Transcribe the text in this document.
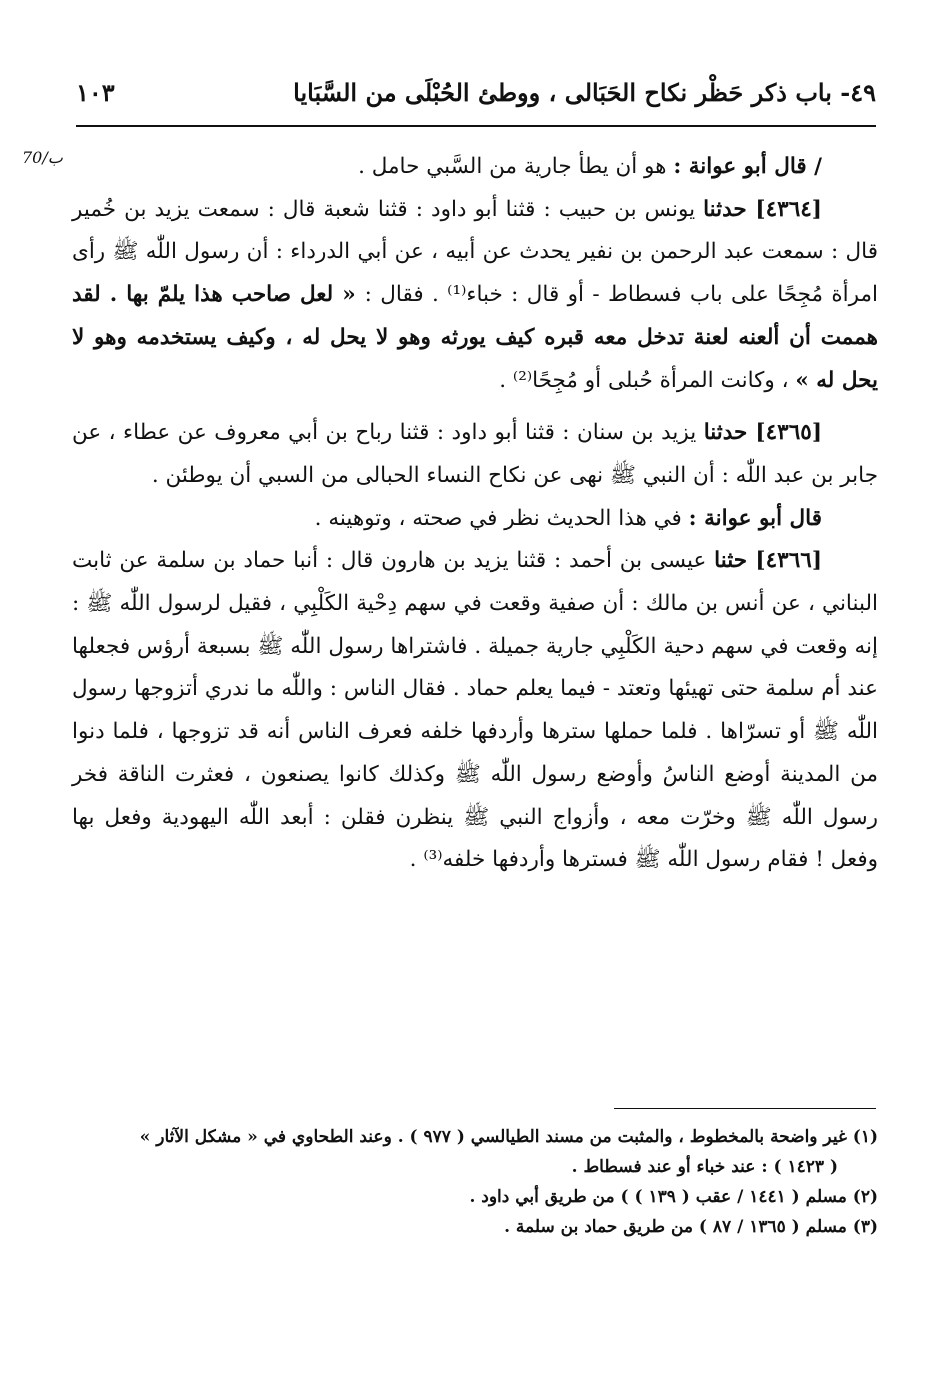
٤٩- باب ذكر حَظْر نكاح الحَبَالى ، ووطئ الحُبْلَى من السَّبَايا
١٠٣
70/ب	/ قال أبو عوانة : هو أن يطأ جارية من السَّبي حامل .

[٤٣٦٤] حدثنا يونس بن حبيب : قثنا أبو داود : قثنا شعبة قال : سمعت يزيد بن خُمير قال : سمعت عبد الرحمن بن نفير يحدث عن أبيه ، عن أبي الدرداء : أن رسول اللّٰه ﷺ رأى امرأة مُجِحًا على باب فسطاط - أو قال : خباء⁽¹⁾ . فقال : « لعل صاحب هذا يلمّ بها . لقد هممت أن ألعنه لعنة تدخل معه قبره كيف يورثه وهو لا يحل له ، وكيف يستخدمه وهو لا يحل له » ، وكانت المرأة حُبلى أو مُجِحًا⁽²⁾ .

[٤٣٦٥] حدثنا يزيد بن سنان : قثنا أبو داود : قثنا رباح بن أبي معروف عن عطاء ، عن جابر بن عبد اللّٰه : أن النبي ﷺ نهى عن نكاح النساء الحبالى من السبي أن يوطئن .

قال أبو عوانة : في هذا الحديث نظر في صحته ، وتوهينه .

[٤٣٦٦] حثنا عيسى بن أحمد : قثنا يزيد بن هارون قال : أنبا حماد بن سلمة عن ثابت البناني ، عن أنس بن مالك : أن صفية وقعت في سهم دِحْية الكَلْبِي ، فقيل لرسول اللّٰه ﷺ : إنه وقعت في سهم دحية الكَلْبِي جارية جميلة . فاشتراها رسول اللّٰه ﷺ بسبعة أرؤس فجعلها عند أم سلمة حتى تهيئها وتعتد - فيما يعلم حماد . فقال الناس : واللّٰه ما ندري أتزوجها رسول اللّٰه ﷺ أو تسرّاها . فلما حملها سترها وأردفها خلفه فعرف الناس أنه قد تزوجها ، فلما دنوا من المدينة أوضع الناسُ وأوضع رسول اللّٰه ﷺ وكذلك كانوا يصنعون ، فعثرت الناقة فخر رسول اللّٰه ﷺ وخرّت معه ، وأزواج النبي ﷺ ينظرن فقلن : أبعد اللّٰه اليهودية وفعل بها وفعل ! فقام رسول اللّٰه ﷺ فسترها وأردفها خلفه⁽³⁾ .

(١) غير واضحة بالمخطوط ، والمثبت من مسند الطيالسي ( ٩٧٧ ) . وعند الطحاوي في « مشكل الآثار »

( ١٤٢٣ ) : عند خباء أو عند فسطاط .

(٢) مسلم ( ١٤٤١ / عقب ( ١٣٩ ) ) من طريق أبي داود .

(٣) مسلم ( ١٣٦٥ / ٨٧ ) من طريق حماد بن سلمة .
